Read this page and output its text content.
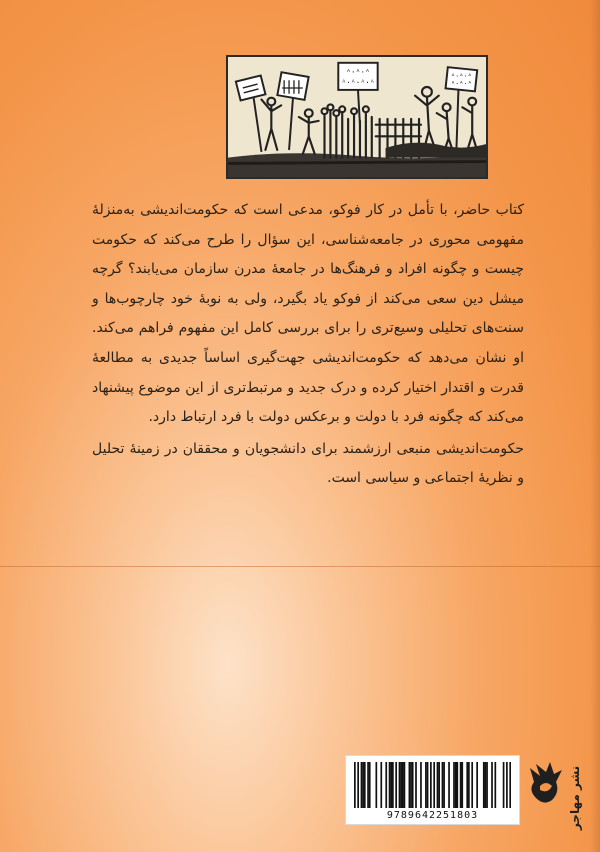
ᴬ·ᴬ·ᴬ
ᴬ·ᴬ·ᴬ·ᴬ
ᴬ·ᴬ·ᴬ
ᴬ·ᴬ·ᴬ

کتاب حاضر، با تأمل در کار فوکو، مدعی است که حکومت‌اندیشی به‌منزلهٔ مفهومی محوری در جامعه‌شناسی، این سؤال را طرح می‌کند که حکومت چیست و چگونه افراد و فرهنگ‌ها در جامعهٔ مدرن سازمان می‌یابند؟ گرچه میشل دین سعی می‌کند از فوکو یاد بگیرد، ولی به نوبهٔ خود چارچوب‌ها و سنت‌های تحلیلی وسیع‌تری را برای بررسی کامل این مفهوم فراهم می‌کند. او نشان می‌دهد که حکومت‌اندیشی جهت‌گیری اساساً جدیدی به مطالعهٔ قدرت و اقتدار اختیار کرده و درک جدید و مرتبط‌تری از این موضوع پیشنهاد می‌کند که چگونه فرد با دولت و برعکس دولت با فرد ارتباط دارد.

حکومت‌اندیشی منبعی ارزشمند برای دانشجویان و محققان در زمینهٔ تحلیل و نظریهٔ اجتماعی و سیاسی است.

9789642251803	نشر مهاجر
